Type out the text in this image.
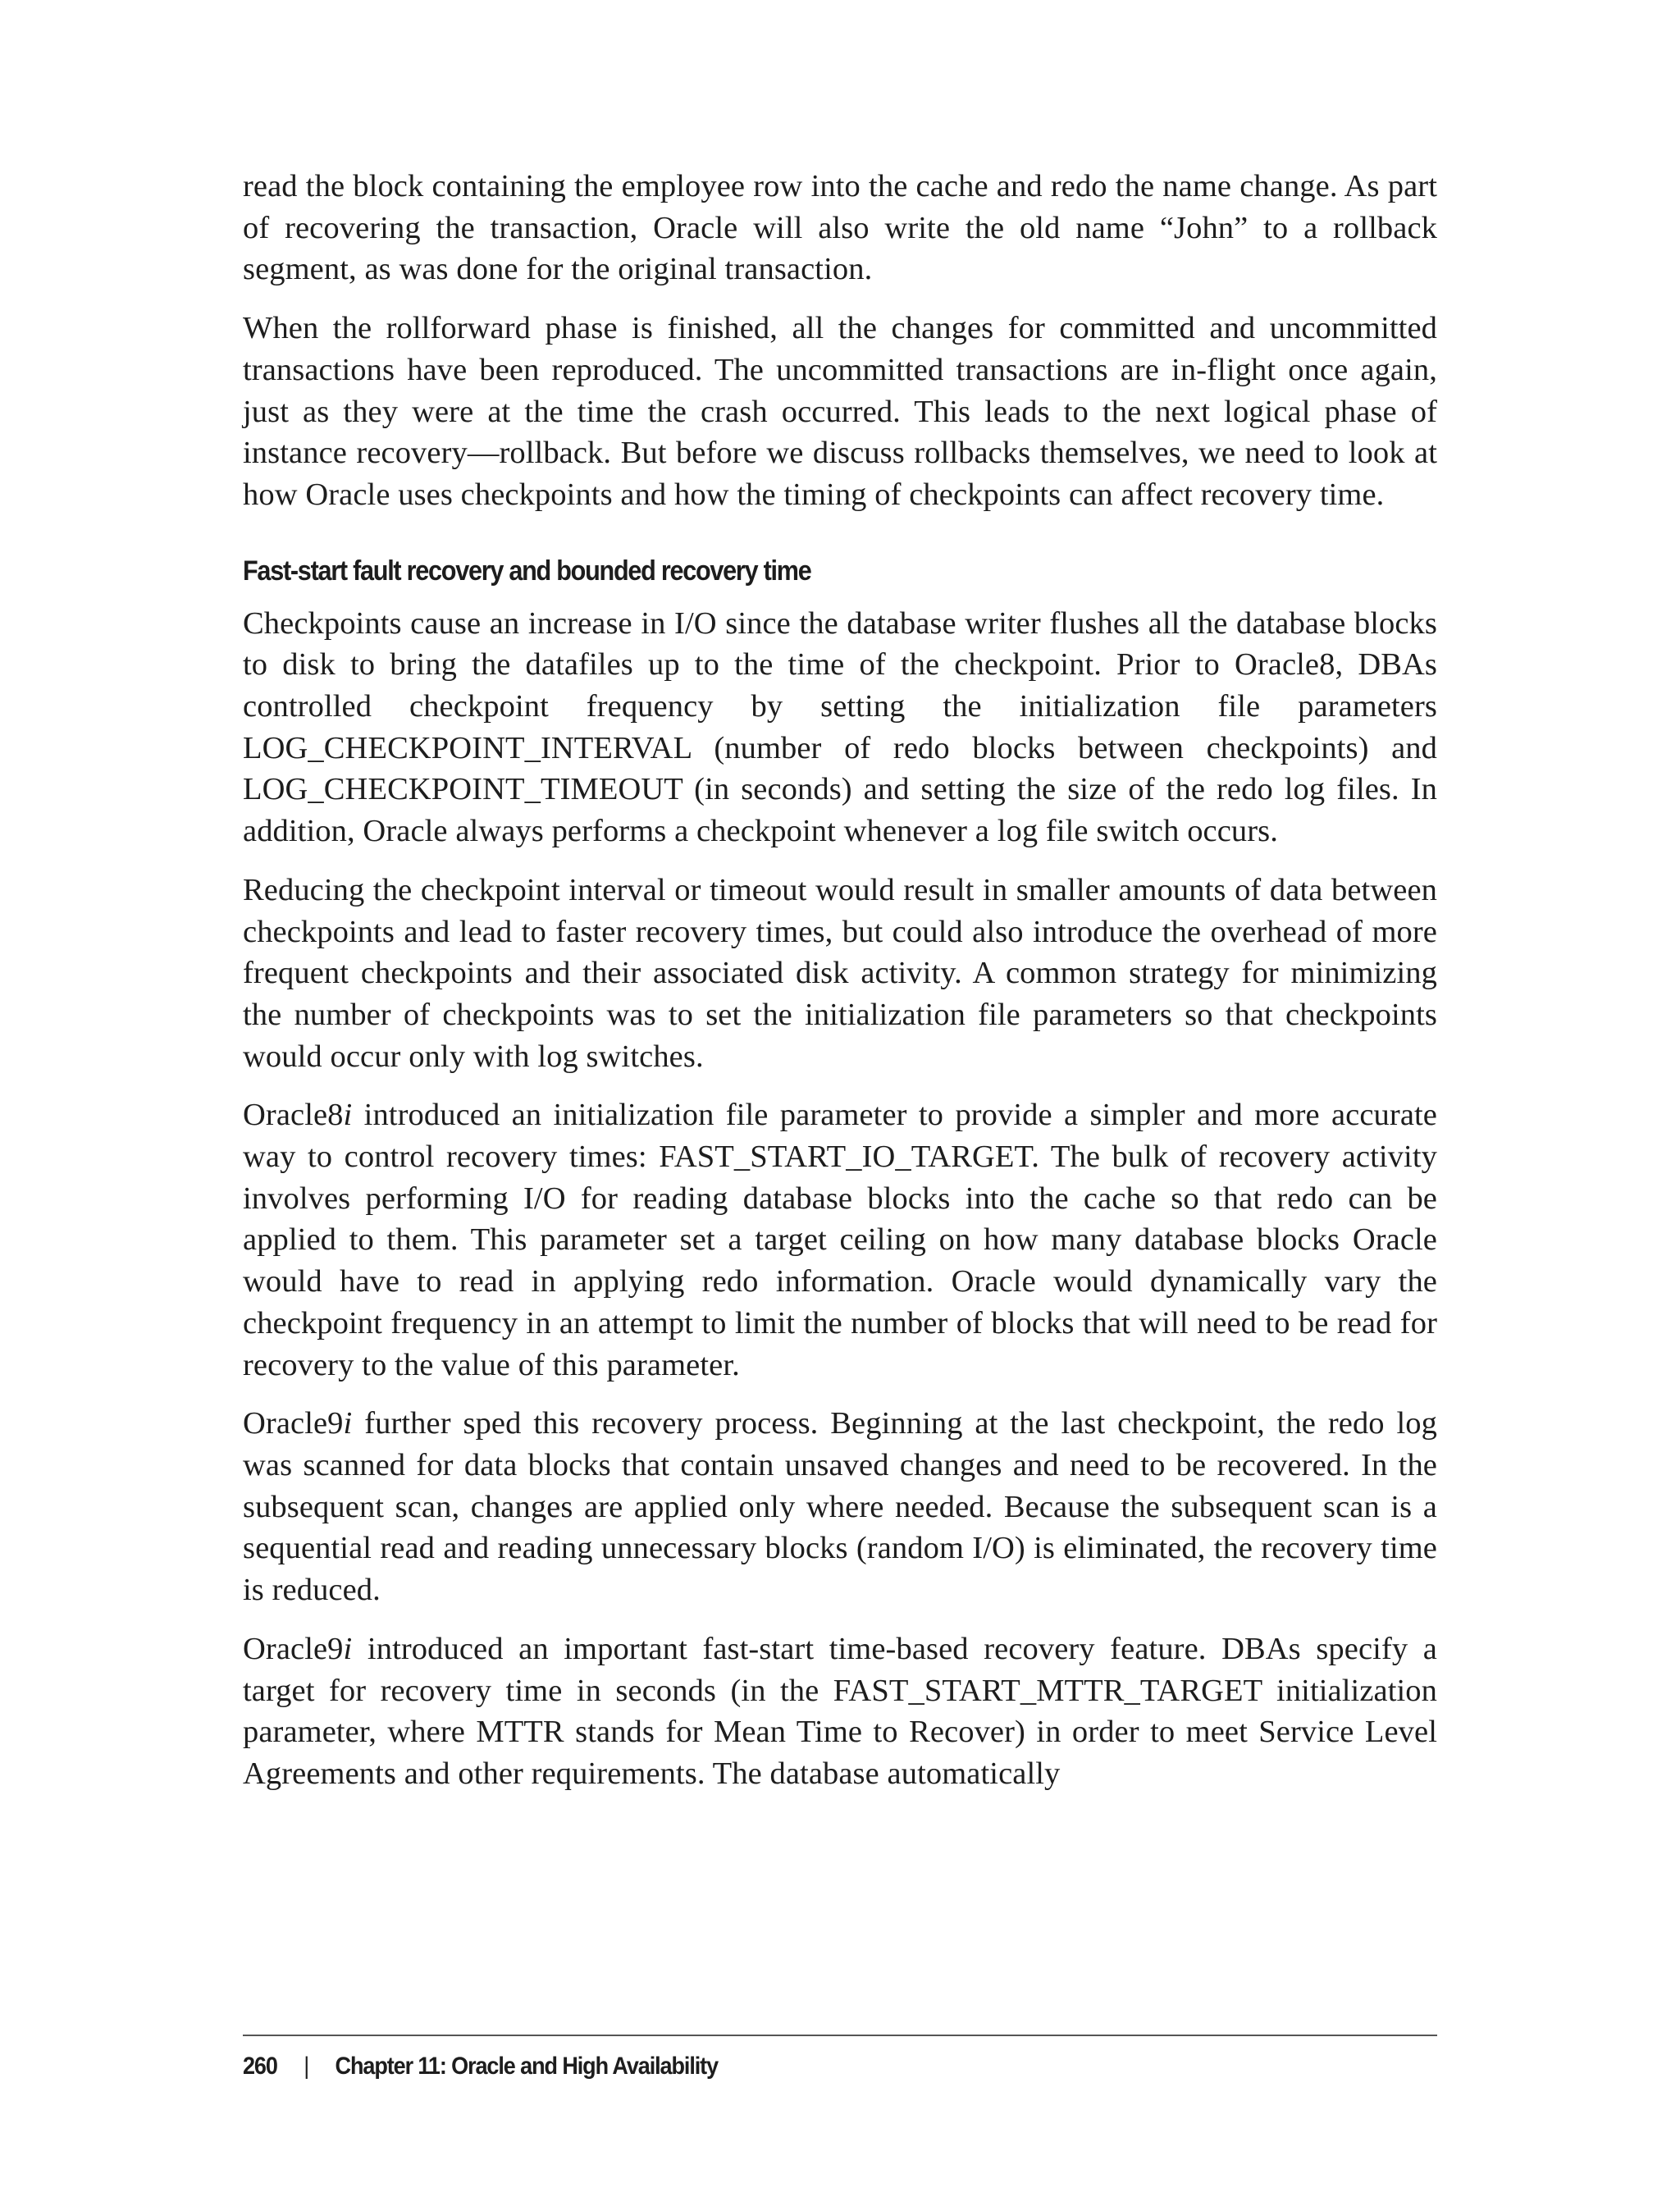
read the block containing the employee row into the cache and redo the name change. As part of recovering the transaction, Oracle will also write the old name “John” to a rollback segment, as was done for the original transaction.

When the rollforward phase is finished, all the changes for committed and uncommitted transactions have been reproduced. The uncommitted transactions are in-flight once again, just as they were at the time the crash occurred. This leads to the next logical phase of instance recovery—rollback. But before we discuss rollbacks themselves, we need to look at how Oracle uses checkpoints and how the timing of checkpoints can affect recovery time.

Fast-start fault recovery and bounded recovery time

Checkpoints cause an increase in I/O since the database writer flushes all the database blocks to disk to bring the datafiles up to the time of the checkpoint. Prior to Oracle8, DBAs controlled checkpoint frequency by setting the initialization file parameters LOG_CHECKPOINT_INTERVAL (number of redo blocks between checkpoints) and LOG_CHECKPOINT_TIMEOUT (in seconds) and setting the size of the redo log files. In addition, Oracle always performs a checkpoint whenever a log file switch occurs.

Reducing the checkpoint interval or timeout would result in smaller amounts of data between checkpoints and lead to faster recovery times, but could also introduce the overhead of more frequent checkpoints and their associated disk activity. A common strategy for minimizing the number of checkpoints was to set the initialization file parameters so that checkpoints would occur only with log switches.

Oracle8i introduced an initialization file parameter to provide a simpler and more accurate way to control recovery times: FAST_START_IO_TARGET. The bulk of recovery activity involves performing I/O for reading database blocks into the cache so that redo can be applied to them. This parameter set a target ceiling on how many database blocks Oracle would have to read in applying redo information. Oracle would dynamically vary the checkpoint frequency in an attempt to limit the number of blocks that will need to be read for recovery to the value of this parameter.

Oracle9i further sped this recovery process. Beginning at the last checkpoint, the redo log was scanned for data blocks that contain unsaved changes and need to be recovered. In the subsequent scan, changes are applied only where needed. Because the subsequent scan is a sequential read and reading unnecessary blocks (random I/O) is eliminated, the recovery time is reduced.

Oracle9i introduced an important fast-start time-based recovery feature. DBAs specify a target for recovery time in seconds (in the FAST_START_MTTR_TARGET initialization parameter, where MTTR stands for Mean Time to Recover) in order to meet Service Level Agreements and other requirements. The database automatically

260 | Chapter 11: Oracle and High Availability
